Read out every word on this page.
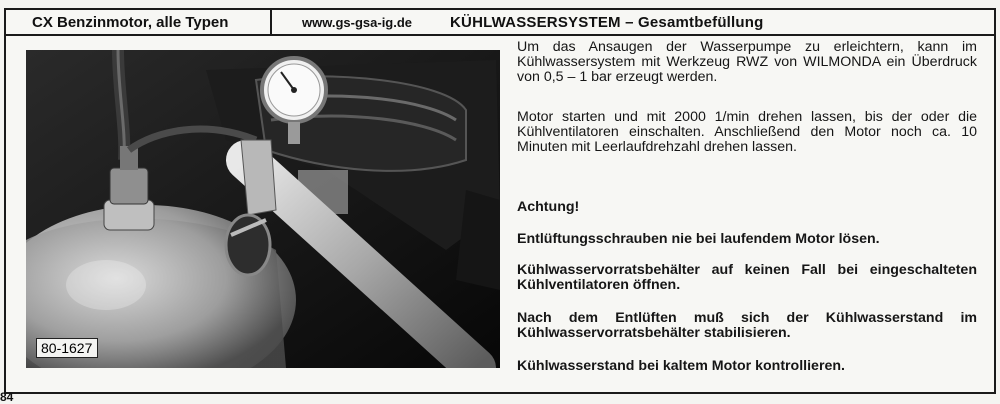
CX Benzinmotor, alle Typen	www.gs-gsa-ig.de	KÜHLWASSERSYSTEM – Gesamtbefüllung
80-1627

Um das Ansaugen der Wasserpumpe zu erleichtern, kann im Kühlwassersystem mit Werkzeug RWZ von WILMONDA ein Überdruck von 0,5 – 1 bar erzeugt werden.

Motor starten und mit 2000 1/min drehen lassen, bis der oder die Kühlventilatoren einschalten. Anschließend den Motor noch ca. 10 Minuten mit Leerlaufdrehzahl drehen lassen.

Achtung!

Entlüftungsschrauben nie bei laufendem Motor lösen.

Kühlwasservorratsbehälter auf keinen Fall bei eingeschalteten Kühlventilatoren öffnen.

Nach dem Entlüften muß sich der Kühlwasserstand im Kühlwasservorratsbehälter stabilisieren.

Kühlwasserstand bei kaltem Motor kontrollieren.

84
